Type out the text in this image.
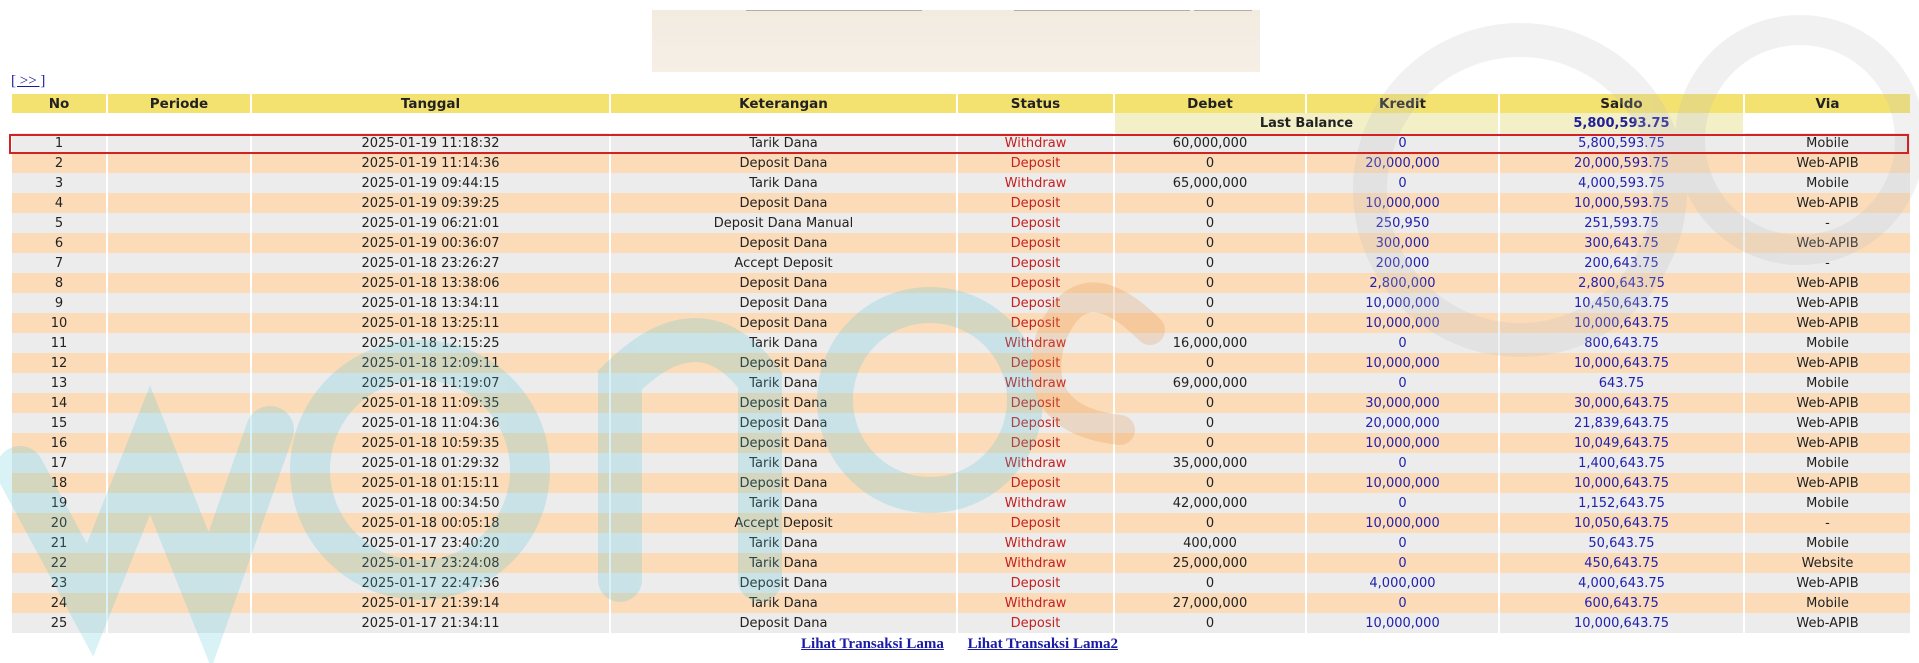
[ >> ]
No	Periode	Tanggal	Keterangan	Status	Debet	Kredit	Saldo	Via
					Last Balance		5,800,593.75	
1		2025-01-19 11:18:32	Tarik Dana	Withdraw	60,000,000	0	5,800,593.75	Mobile
2		2025-01-19 11:14:36	Deposit Dana	Deposit	0	20,000,000	20,000,593.75	Web-APIB
3		2025-01-19 09:44:15	Tarik Dana	Withdraw	65,000,000	0	4,000,593.75	Mobile
4		2025-01-19 09:39:25	Deposit Dana	Deposit	0	10,000,000	10,000,593.75	Web-APIB
5		2025-01-19 06:21:01	Deposit Dana Manual	Deposit	0	250,950	251,593.75	-
6		2025-01-19 00:36:07	Deposit Dana	Deposit	0	300,000	300,643.75	Web-APIB
7		2025-01-18 23:26:27	Accept Deposit	Deposit	0	200,000	200,643.75	-
8		2025-01-18 13:38:06	Deposit Dana	Deposit	0	2,800,000	2,800,643.75	Web-APIB
9		2025-01-18 13:34:11	Deposit Dana	Deposit	0	10,000,000	10,450,643.75	Web-APIB
10		2025-01-18 13:25:11	Deposit Dana	Deposit	0	10,000,000	10,000,643.75	Web-APIB
11		2025-01-18 12:15:25	Tarik Dana	Withdraw	16,000,000	0	800,643.75	Mobile
12		2025-01-18 12:09:11	Deposit Dana	Deposit	0	10,000,000	10,000,643.75	Web-APIB
13		2025-01-18 11:19:07	Tarik Dana	Withdraw	69,000,000	0	643.75	Mobile
14		2025-01-18 11:09:35	Deposit Dana	Deposit	0	30,000,000	30,000,643.75	Web-APIB
15		2025-01-18 11:04:36	Deposit Dana	Deposit	0	20,000,000	21,839,643.75	Web-APIB
16		2025-01-18 10:59:35	Deposit Dana	Deposit	0	10,000,000	10,049,643.75	Web-APIB
17		2025-01-18 01:29:32	Tarik Dana	Withdraw	35,000,000	0	1,400,643.75	Mobile
18		2025-01-18 01:15:11	Deposit Dana	Deposit	0	10,000,000	10,000,643.75	Web-APIB
19		2025-01-18 00:34:50	Tarik Dana	Withdraw	42,000,000	0	1,152,643.75	Mobile
20		2025-01-18 00:05:18	Accept Deposit	Deposit	0	10,000,000	10,050,643.75	-
21		2025-01-17 23:40:20	Tarik Dana	Withdraw	400,000	0	50,643.75	Mobile
22		2025-01-17 23:24:08	Tarik Dana	Withdraw	25,000,000	0	450,643.75	Website
23		2025-01-17 22:47:36	Deposit Dana	Deposit	0	4,000,000	4,000,643.75	Web-APIB
24		2025-01-17 21:39:14	Tarik Dana	Withdraw	27,000,000	0	600,643.75	Mobile
25		2025-01-17 21:34:11	Deposit Dana	Deposit	0	10,000,000	10,000,643.75	Web-APIB
Lihat Transaksi Lama Lihat Transaksi Lama2
